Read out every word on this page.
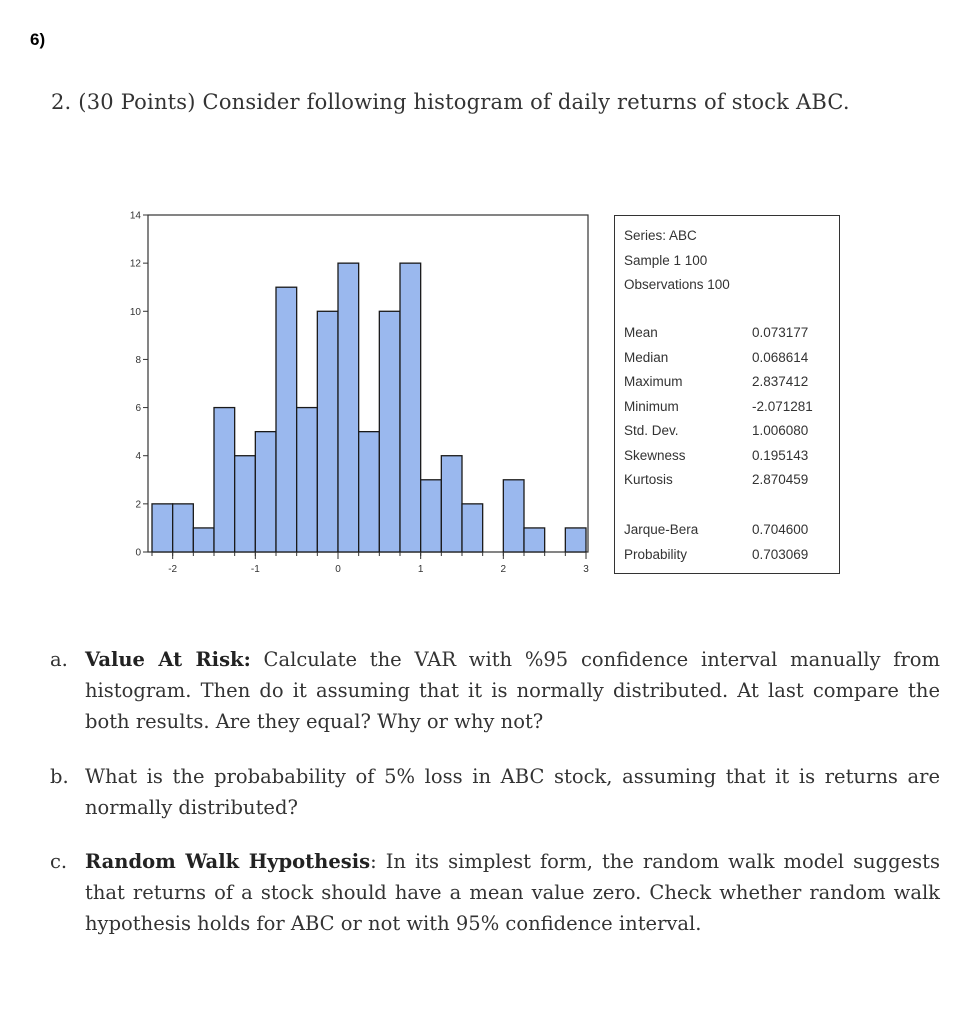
6)
2. (30 Points) Consider following histogram of daily returns of stock ABC.
-2	-1	0	1	2	3
0
2
4
6
8
10
12
14
Series: ABC
Sample 1 100
Observations 100
Mean	0.073177
Median	0.068614
Maximum	2.837412
Minimum	-2.071281
Std. Dev.	1.006080
Skewness	0.195143
Kurtosis	2.870459
Jarque-Bera	0.704600
Probability	0.703069
a. Value At Risk: Calculate the VAR with %95 confidence interval manually from histogram. Then do it assuming that it is normally distributed. At last compare the both results. Are they equal? Why or why not?
b. What is the probabability of 5% loss in ABC stock, assuming that it is returns are normally distributed?
c. Random Walk Hypothesis: In its simplest form, the random walk model suggests that returns of a stock should have a mean value zero. Check whether random walk hypothesis holds for ABC or not with 95% confidence interval.
